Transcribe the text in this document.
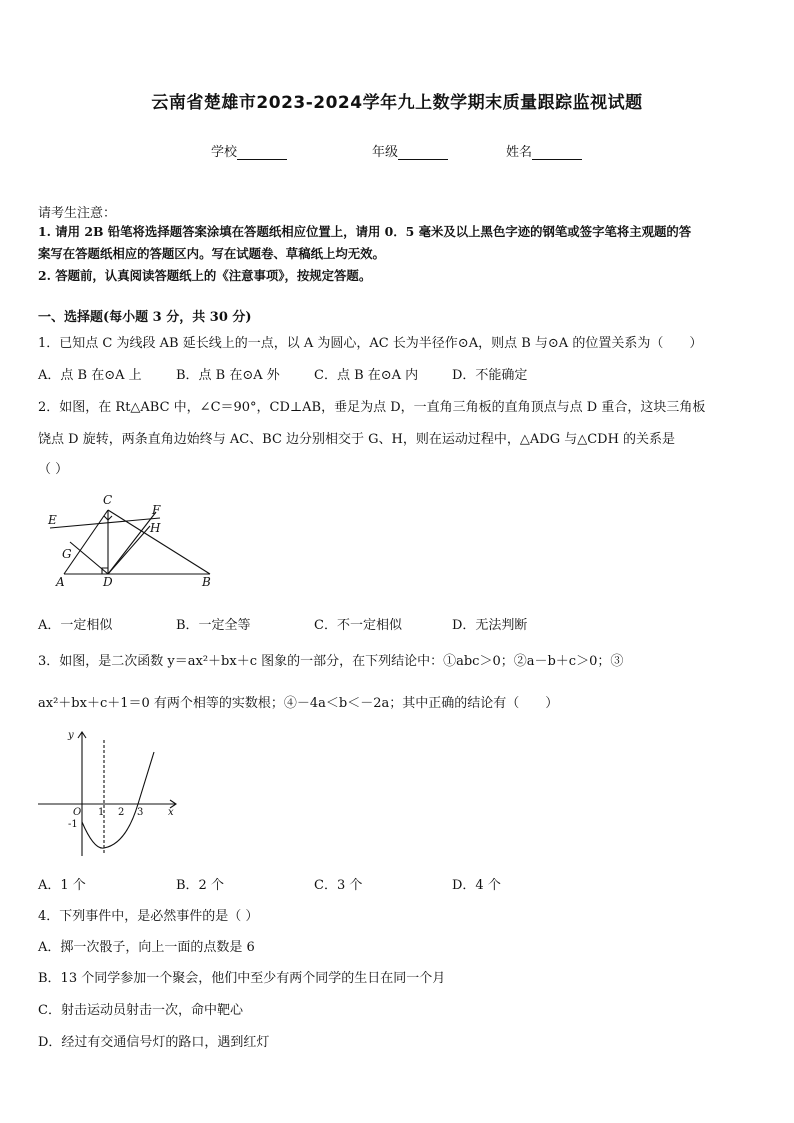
云南省楚雄市2023-2024学年九上数学期末质量跟踪监视试题
学校	年级	姓名
请考生注意：
1. 请用 2B 铅笔将选择题答案涂填在答题纸相应位置上，请用 0．5 毫米及以上黑色字迹的钢笔或签字笔将主观题的答
案写在答题纸相应的答题区内。写在试题卷、草稿纸上均无效。
2. 答题前，认真阅读答题纸上的《注意事项》，按规定答题。
一、选择题(每小题 3 分，共 30 分)
1．已知点 C 为线段 AB 延长线上的一点，以 A 为圆心，AC 长为半径作⊙A，则点 B 与⊙A 的位置关系为（　　）
A．点 B 在⊙A 上	B．点 B 在⊙A 外	C．点 B 在⊙A 内	D．不能确定
2．如图，在 Rt△ABC 中，∠C＝90°，CD⊥AB，垂足为点 D，一直角三角板的直角顶点与点 D 重合，这块三角板
饶点 D 旋转，两条直角边始终与 AC、BC 边分别相交于 G、H，则在运动过程中，△ADG 与△CDH 的关系是
（ ）
C
E
F
H
G
A	D	B
A．一定相似	B．一定全等	C．不一定相似	D．无法判断
3．如图，是二次函数 y＝ax²＋bx＋c 图象的一部分，在下列结论中：①abc＞0；②a－b＋c＞0；③
ax²＋bx＋c＋1＝0 有两个相等的实数根；④－4a＜b＜－2a；其中正确的结论有（　　）
y
O 1 2 3 x
-1
A．1 个	B．2 个	C．3 个	D．4 个
4．下列事件中，是必然事件的是（ ）
A．掷一次骰子，向上一面的点数是 6
B．13 个同学参加一个聚会，他们中至少有两个同学的生日在同一个月
C．射击运动员射击一次，命中靶心
D．经过有交通信号灯的路口，遇到红灯
